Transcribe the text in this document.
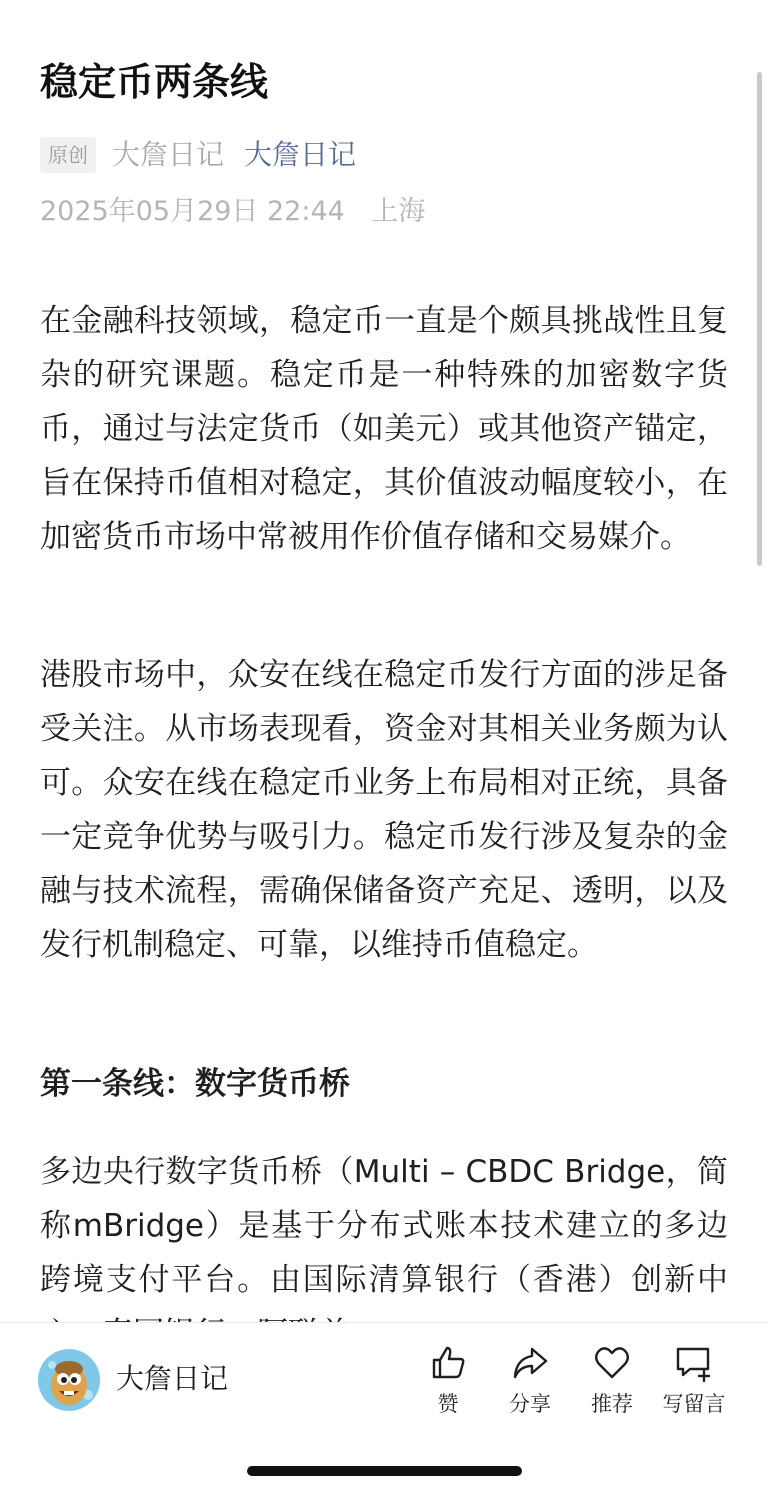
稳定币两条线
原创 大詹日记 大詹日记
2025年05月29日 22:44 上海

在金融科技领域，稳定币一直是个颇具挑战性且复杂的研究课题。稳定币是一种特殊的加密数字货币，通过与法定货币（如美元）或其他资产锚定，旨在保持币值相对稳定，其价值波动幅度较小，在加密货币市场中常被用作价值存储和交易媒介。

港股市场中，众安在线在稳定币发行方面的涉足备受关注。从市场表现看，资金对其相关业务颇为认可。众安在线在稳定币业务上布局相对正统，具备一定竞争优势与吸引力。稳定币发行涉及复杂的金融与技术流程，需确保储备资产充足、透明，以及发行机制稳定、可靠，以维持币值稳定。

第一条线：数字货币桥

多边央行数字货币桥（Multi – CBDC Bridge，简称mBridge）是基于分布式账本技术建立的多边跨境支付平台。由国际清算银行（香港）创新中

大詹日记
赞	分享	推荐	写留言
